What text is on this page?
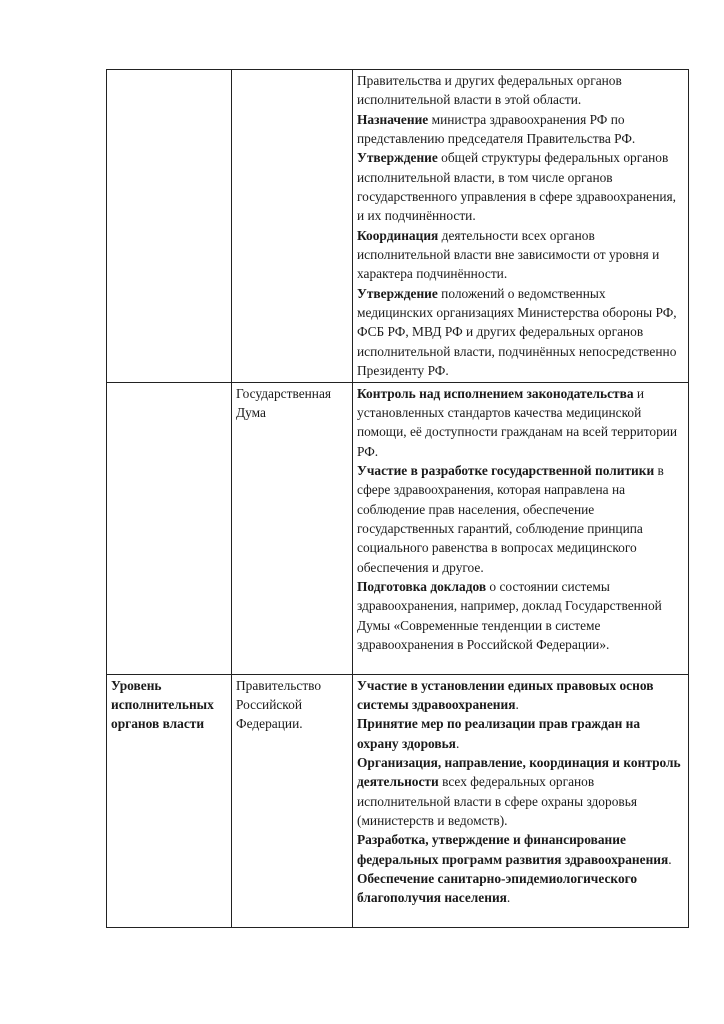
		Правительства и других федеральных органов исполнительной власти в этой области.

Назначение министра здравоохранения РФ по представлению председателя Правительства РФ.

Утверждение общей структуры федеральных органов исполнительной власти, в том числе органов государственного управления в сфере здравоохранения, и их подчинённости.

Координация деятельности всех органов исполнительной власти вне зависимости от уровня и характера подчинённости.

Утверждение положений о ведомственных медицинских организациях Министерства обороны РФ, ФСБ РФ, МВД РФ и других федеральных органов исполнительной власти, подчинённых непосредственно Президенту РФ.

	Государственная Дума	Контроль над исполнением законодательства и установленных стандартов качества медицинской помощи, её доступности гражданам на всей территории РФ.

Участие в разработке государственной политики в сфере здравоохранения, которая направлена на соблюдение прав населения, обеспечение государственных гарантий, соблюдение принципа социального равенства в вопросах медицинского обеспечения и другое.

Подготовка докладов о состоянии системы здравоохранения, например, доклад Государственной Думы «Современные тенденции в системе здравоохранения в Российской Федерации».

Уровень исполнительных органов власти	Правительство Российской Федерации.	Участие в установлении единых правовых основ системы здравоохранения.

Принятие мер по реализации прав граждан на охрану здоровья.

Организация, направление, координация и контроль деятельности всех федеральных органов исполнительной власти в сфере охраны здоровья (министерств и ведомств).

Разработка, утверждение и финансирование федеральных программ развития здравоохранения.

Обеспечение санитарно-эпидемиологического благополучия населения.
